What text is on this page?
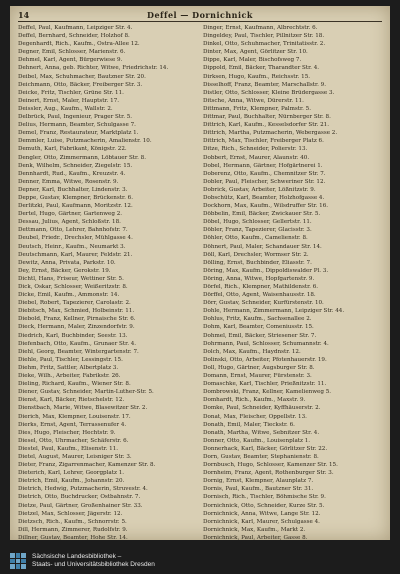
14	Deffel — Dornichnick
Deffel, Paul, Kaufmann, Leipziger Str. 4.
Deffel, Bernhard, Schneider, Holzhof 8.
Degenhardt, Rich., Kaufm., Ostra-Allee 12.
Degner, Emil, Schlosser, Marienstr. 6.
Dehmel, Karl, Agent, Bürgerwiese 9.
Dehnert, Anna, geb. Richter, Witwe, Friedrichstr. 14.
Deibel, Max, Schuhmacher, Bautzner Str. 20.
Deichmann, Otto, Bäcker, Freiberger Str. 3.
Deicke, Fritz, Tischler, Grüne Str. 11.
Deinert, Ernst, Maler, Hauptstr. 17.
Deissler, Aug., Kaufm., Wallstr. 2.
Delbrück, Paul, Ingenieur, Prager Str. 5.
Delius, Hermann, Beamter, Schulgasse 7.
Demel, Franz, Restaurateur, Marktplatz 1.
Demmler, Luise, Putzmacherin, Amalienstr. 10.
Demuth, Karl, Fabrikant, Königstr. 22.
Dengler, Otto, Zimmermann, Löbtauer Str. 8.
Denk, Wilhelm, Schneider, Ziegelstr. 15.
Dennhardt, Rud., Kaufm., Kreuzstr. 4.
Denner, Emma, Witwe, Rosenstr. 9.
Depner, Karl, Buchhalter, Lindenstr. 3.
Deppe, Gustav, Klempner, Brückenstr. 6.
Derlitzki, Paul, Kaufmann, Moritzstr. 12.
Dertel, Hugo, Gärtner, Gartenweg 2.
Dessau, Julius, Agent, Schloßstr. 18.
Dettmann, Otto, Lehrer, Bahnhofstr. 7.
Deubel, Friedr., Drechsler, Mühlgasse 4.
Deutsch, Heinr., Kaufm., Neumarkt 3.
Deutschmann, Karl, Maurer, Feldstr. 21.
Dewitz, Anna, Privata, Parkstr. 10.
Dey, Ernst, Bäcker, Gerokstr. 19.
Dichtl, Hans, Friseur, Wettiner Str. 5.
Dick, Oskar, Schlosser, Weißeritzstr. 8.
Dicke, Emil, Kaufm., Ammonstr. 14.
Diebel, Robert, Tapezierer, Carolastr. 2.
Diebitsch, Max, Schmied, Holbeinstr. 11.
Diebold, Franz, Kellner, Pirnaische Str. 6.
Dieck, Hermann, Maler, Zinzendorfstr. 9.
Diedrich, Karl, Buchbinder, Seestr. 13.
Diefenbach, Otto, Kaufm., Grunaer Str. 4.
Diehl, Georg, Beamter, Wintergartenstr. 7.
Diehle, Paul, Tischler, Lessingstr. 15.
Diehm, Fritz, Sattler, Albertplatz 3.
Dieke, Wilh., Arbeiter, Fabrikstr. 26.
Dieling, Richard, Kaufm., Wiener Str. 8.
Diener, Gustav, Schneider, Martin-Luther-Str. 5.
Dienst, Karl, Bäcker, Rietschelstr. 12.
Dienstbach, Marie, Witwe, Blasewitzer Str. 2.
Dierich, Max, Klempner, Louisenstr. 17.
Dierks, Ernst, Agent, Terrassenufer 4.
Dies, Hugo, Fleischer, Hechtstr. 9.
Diesel, Otto, Uhrmacher, Schäferstr. 6.
Diestel, Paul, Kaufm., Elisenstr. 11.
Dietel, August, Maurer, Leisniger Str. 3.
Dieter, Franz, Zigarrenmacher, Kamenzer Str. 8.
Dieterich, Karl, Lehrer, Georgplatz 1.
Dietrich, Emil, Kaufm., Johannstr. 20.
Dietrich, Hedwig, Putzmacherin, Struvestr. 4.
Dietrich, Otto, Buchdrucker, Ostbahnstr. 7.
Dietze, Paul, Gärtner, Großenhainer Str. 33.
Dietzel, Max, Schlosser, Jägerstr. 12.
Dietzsch, Rich., Kaufm., Schnorrstr. 5.
Dill, Hermann, Zimmerer, Rudolfstr. 9.
Dillner, Gustav, Beamter, Hohe Str. 14.
Dinger, Ernst, Kaufmann, Albrechtstr. 6.
Dingeldey, Paul, Tischler, Pillnitzer Str. 18.
Dinkel, Otto, Schuhmacher, Trinitatisstr. 2.
Dinter, Max, Agent, Görlitzer Str. 10.
Dippe, Karl, Maler, Bischofsweg 7.
Dippold, Emil, Bäcker, Tharandter Str. 4.
Dirksen, Hugo, Kaufm., Reichsstr. 15.
Disselhoff, Franz, Beamter, Marschallstr. 9.
Distler, Otto, Schlosser, Kleine Brüdergasse 3.
Ditsche, Anna, Witwe, Dürerstr. 11.
Dittmann, Fritz, Klempner, Palmstr. 5.
Dittmar, Paul, Buchhalter, Nürnberger Str. 8.
Dittrich, Karl, Kaufm., Kesselsdorfer Str. 21.
Dittrich, Martha, Putzmacherin, Webergasse 2.
Dittrich, Max, Tischler, Freiberger Platz 6.
Ditze, Rich., Schneider, Polierstr. 13.
Dobbert, Ernst, Maurer, Alaunstr. 40.
Dobel, Hermann, Gärtner, Hofgärtnerei 1.
Doberenz, Otto, Kaufm., Chemnitzer Str. 7.
Dobler, Paul, Fleischer, Schweriner Str. 12.
Dobrick, Gustav, Arbeiter, Lößnitzstr. 9.
Dobschütz, Karl, Beamter, Holzhofgasse 4.
Dockhorn, Max, Kaufm., Wilsdruffer Str. 16.
Döbbelin, Emil, Bäcker, Zwickauer Str. 5.
Döbel, Hugo, Schlosser, Gellertstr. 11.
Döbler, Franz, Tapezierer, Glacisstr. 3.
Döhler, Otto, Kaufm., Camelienstr. 8.
Döhnert, Paul, Maler, Schandauer Str. 14.
Döll, Karl, Drechsler, Wormser Str. 2.
Dölling, Ernst, Buchbinder, Eliasstr. 7.
Döring, Max, Kaufm., Dippoldiswalder Pl. 3.
Döring, Anna, Witwe, Hopfgartenstr. 9.
Dörfel, Rich., Klempner, Mathildenstr. 6.
Dörffel, Otto, Agent, Waisenhausstr. 18.
Dörr, Gustav, Schneider, Kurfürstenstr. 10.
Dohle, Hermann, Zimmermann, Leipziger Str. 44.
Dohlus, Fritz, Kaufm., Sachsenallee 2.
Dohm, Karl, Beamter, Comeniusstr. 15.
Dohmel, Emil, Bäcker, Striesener Str. 7.
Dohrmann, Paul, Schlosser, Schumannstr. 4.
Dolch, Max, Kaufm., Haydnstr. 12.
Dolinski, Otto, Arbeiter, Pfotenhauerstr. 19.
Doll, Hugo, Gärtner, Augsburger Str. 8.
Domann, Ernst, Maurer, Fürstenstr. 3.
Domaschke, Karl, Tischler, Prießnitzstr. 11.
Dombrowski, Franz, Kellner, Kamelienweg 5.
Domhardt, Rich., Kaufm., Maxstr. 9.
Domke, Paul, Schneider, Kyffhäuserstr. 2.
Donat, Max, Fleischer, Oppellstr. 13.
Donath, Emil, Maler, Tieckstr. 6.
Donath, Martha, Witwe, Sebnitzer Str. 4.
Donner, Otto, Kaufm., Louisenplatz 1.
Donnerhack, Karl, Bäcker, Görlitzer Str. 22.
Dorn, Gustav, Beamter, Stephanienstr. 8.
Dornbusch, Hugo, Schlosser, Kamenzer Str. 15.
Dornheim, Franz, Agent, Rothenburger Str. 3.
Dornig, Ernst, Klempner, Alaunplatz 7.
Dornis, Paul, Kaufm., Bautzner Str. 31.
Dornisch, Rich., Tischler, Böhmische Str. 9.
Dornichnick, Otto, Schneider, Kurze Str. 5.
Dornichnick, Anna, Witwe, Lange Str. 12.
Dornichnick, Karl, Maurer, Schulgasse 4.
Dornichnick, Max, Kaufm., Markt 2.
Dornichnick, Paul, Arbeiter, Gasse 8.
Sächsische Landesbibliothek –
Staats- und Universitätsbibliothek Dresden
